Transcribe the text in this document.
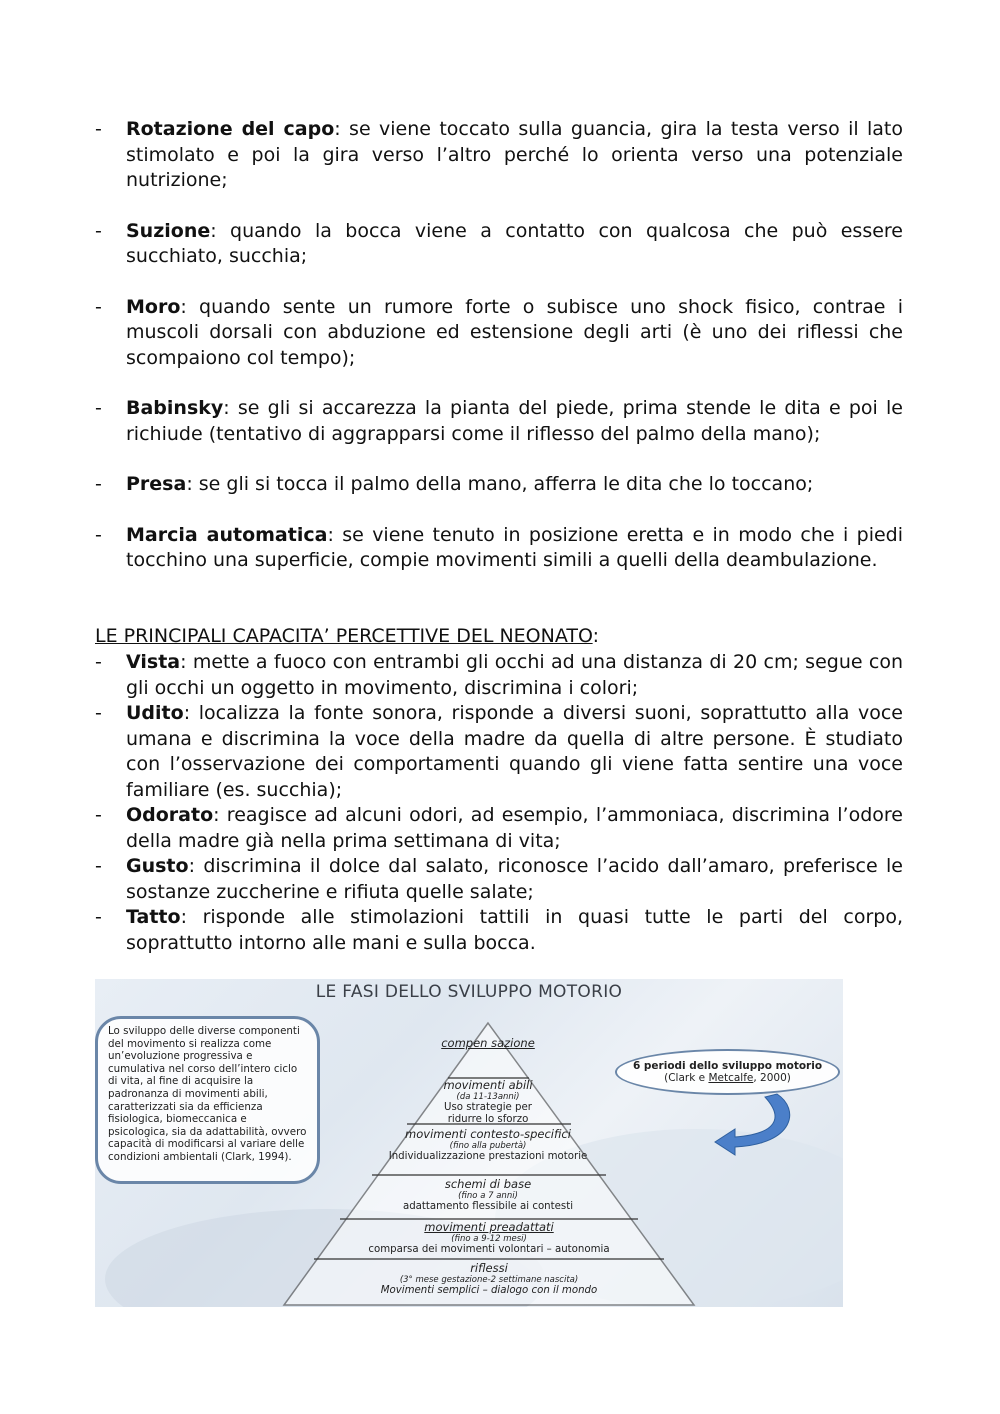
- Rotazione del capo: se viene toccato sulla guancia, gira la testa verso il lato stimolato e poi la gira verso l’altro perché lo orienta verso una potenziale nutrizione;
- Suzione: quando la bocca viene a contatto con qualcosa che può essere succhiato, succhia;
- Moro: quando sente un rumore forte o subisce uno shock fisico, contrae i muscoli dorsali con abduzione ed estensione degli arti (è uno dei riflessi che scompaiono col tempo);
- Babinsky: se gli si accarezza la pianta del piede, prima stende le dita e poi le richiude (tentativo di aggrapparsi come il riflesso del palmo della mano);
- Presa: se gli si tocca il palmo della mano, afferra le dita che lo toccano;
- Marcia automatica: se viene tenuto in posizione eretta e in modo che i piedi tocchino una superficie, compie movimenti simili a quelli della deambulazione.
LE PRINCIPALI CAPACITA’ PERCETTIVE DEL NEONATO:
- Vista: mette a fuoco con entrambi gli occhi ad una distanza di 20 cm; segue con gli occhi un oggetto in movimento, discrimina i colori;
- Udito: localizza la fonte sonora, risponde a diversi suoni, soprattutto alla voce umana e discrimina la voce della madre da quella di altre persone. È studiato con l’osservazione dei comportamenti quando gli viene fatta sentire una voce familiare (es. succhia);
- Odorato: reagisce ad alcuni odori, ad esempio, l’ammoniaca, discrimina l’odore della madre già nella prima settimana di vita;
- Gusto: discrimina il dolce dal salato, riconosce l’acido dall’amaro, preferisce le sostanze zuccherine e rifiuta quelle salate;
- Tatto: risponde alle stimolazioni tattili in quasi tutte le parti del corpo, soprattutto intorno alle mani e sulla bocca.
LE FASI DELLO SVILUPPO MOTORIO
Lo sviluppo delle diverse componenti del movimento si realizza come un’evoluzione progressiva e cumulativa nel corso dell’intero ciclo di vita, al fine di acquisire la padronanza di movimenti abili, caratterizzati sia da efficienza fisiologica, biomeccanica e psicologica, sia da adattabilità, ovvero capacità di modificarsi al variare delle condizioni ambientali (Clark, 1994).
6 periodi dello sviluppo motorio
(Clark e Metcalfe, 2000)
compen sazione
movimenti abili
(da 11-13anni)
Uso strategie per ridurre lo sforzo
movimenti contesto-specifici
(fino alla pubertà)
Individualizzazione prestazioni motorie
schemi di base
(fino a 7 anni)
adattamento flessibile ai contesti
movimenti preadattati
(fino a 9-12 mesi)
comparsa dei movimenti volontari – autonomia
riflessi
(3° mese gestazione-2 settimane nascita)
Movimenti semplici – dialogo con il mondo
